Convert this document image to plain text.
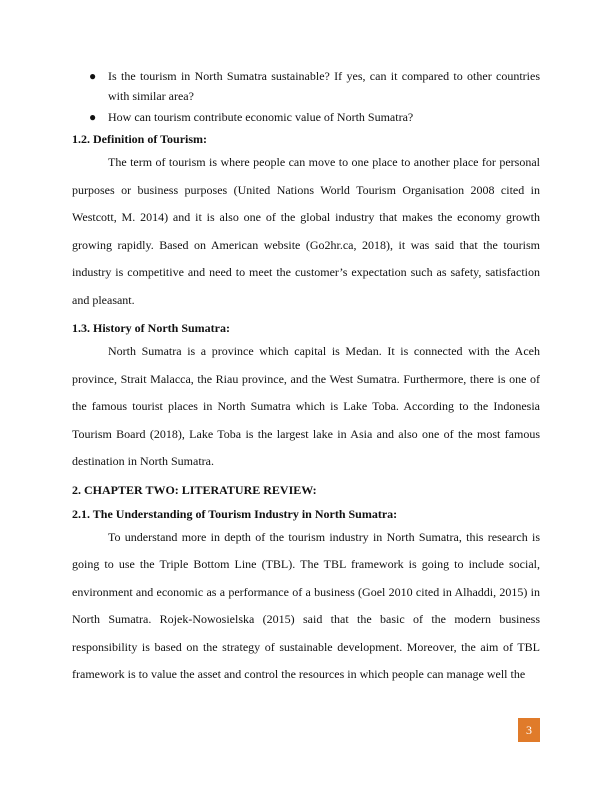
● Is the tourism in North Sumatra sustainable? If yes, can it compared to other countries with similar area?
● How can tourism contribute economic value of North Sumatra?
1.2. Definition of Tourism:

The term of tourism is where people can move to one place to another place for personal purposes or business purposes (United Nations World Tourism Organisation 2008 cited in Westcott, M. 2014) and it is also one of the global industry that makes the economy growth growing rapidly. Based on American website (Go2hr.ca, 2018), it was said that the tourism industry is competitive and need to meet the customer’s expectation such as safety, satisfaction and pleasant.

1.3. History of North Sumatra:

North Sumatra is a province which capital is Medan. It is connected with the Aceh province, Strait Malacca, the Riau province, and the West Sumatra. Furthermore, there is one of the famous tourist places in North Sumatra which is Lake Toba. According to the Indonesia Tourism Board (2018), Lake Toba is the largest lake in Asia and also one of the most famous destination in North Sumatra.

2. CHAPTER TWO: LITERATURE REVIEW:
2.1. The Understanding of Tourism Industry in North Sumatra:

To understand more in depth of the tourism industry in North Sumatra, this research is going to use the Triple Bottom Line (TBL). The TBL framework is going to include social, environment and economic as a performance of a business (Goel 2010 cited in Alhaddi, 2015) in North Sumatra. Rojek-Nowosielska (2015) said that the basic of the modern business responsibility is based on the strategy of sustainable development. Moreover, the aim of TBL framework is to value the asset and control the resources in which people can manage well the

3
